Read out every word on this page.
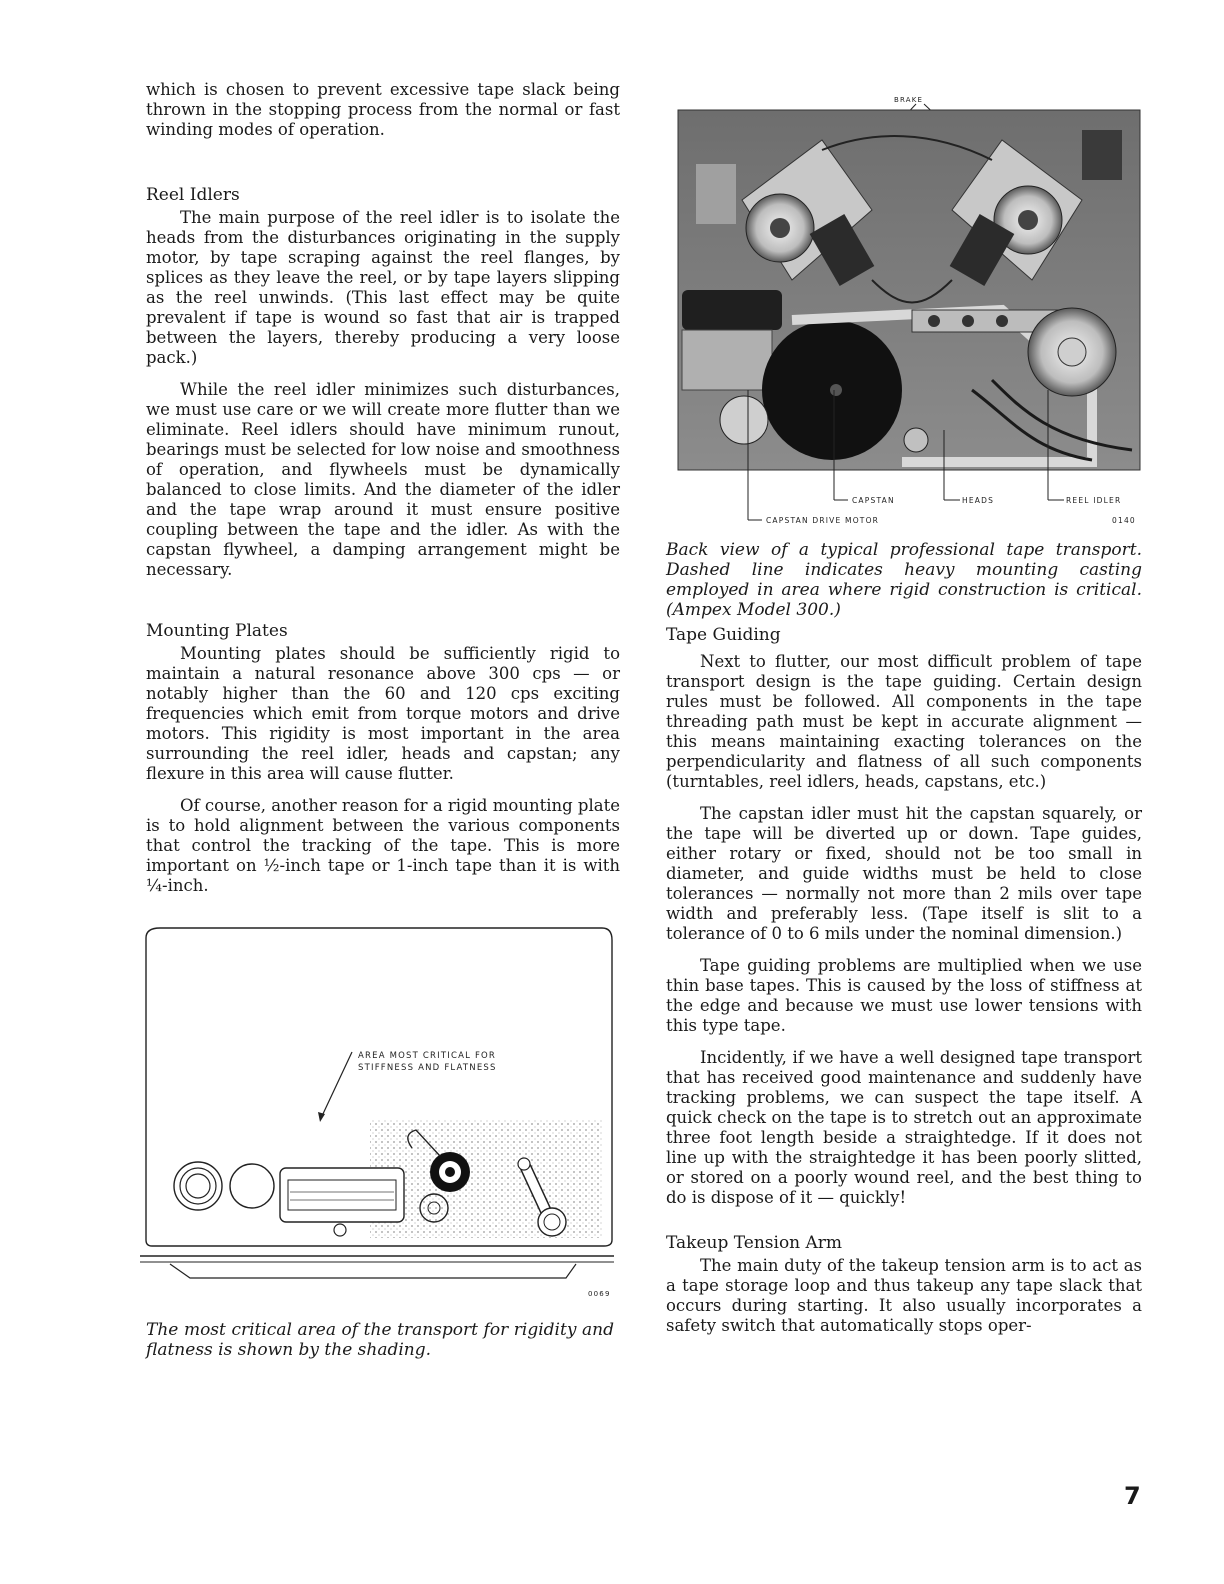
which is chosen to prevent excessive tape slack being thrown in the stopping process from the normal or fast winding modes of operation.

Reel Idlers

The main purpose of the reel idler is to isolate the heads from the disturbances originating in the supply motor, by tape scraping against the reel flanges, by splices as they leave the reel, or by tape layers slipping as the reel unwinds. (This last effect may be quite prevalent if tape is wound so fast that air is trapped between the layers, thereby producing a very loose pack.)

While the reel idler minimizes such disturbances, we must use care or we will create more flutter than we eliminate. Reel idlers should have minimum runout, bearings must be selected for low noise and smoothness of operation, and flywheels must be dynamically balanced to close limits. And the diameter of the idler and the tape wrap around it must ensure positive coupling between the tape and the idler. As with the capstan flywheel, a damping arrangement might be necessary.

Mounting Plates

Mounting plates should be sufficiently rigid to maintain a natural resonance above 300 cps — or notably higher than the 60 and 120 cps exciting frequencies which emit from torque motors and drive motors. This rigidity is most important in the area surrounding the reel idler, heads and capstan; any flexure in this area will cause flutter.

Of course, another reason for a rigid mounting plate is to hold alignment between the various components that control the tracking of the tape. This is more important on ½-inch tape or 1-inch tape than it is with ¼-inch.

AREA MOST CRITICAL FOR
STIFFNESS AND FLATNESS
0069
The most critical area of the transport for rigidity and flatness is shown by the shading.
BRAKE
CAPSTAN	HEADS	REEL IDLER
CAPSTAN DRIVE MOTOR	0140
Back view of a typical professional tape transport. Dashed line indicates heavy mounting casting employed in area where rigid construction is critical. (Ampex Model 300.)
Tape Guiding

Next to flutter, our most difficult problem of tape transport design is the tape guiding. Certain design rules must be followed. All components in the tape threading path must be kept in accurate alignment — this means maintaining exacting tolerances on the perpendicularity and flatness of all such components (turntables, reel idlers, heads, capstans, etc.)

The capstan idler must hit the capstan squarely, or the tape will be diverted up or down. Tape guides, either rotary or fixed, should not be too small in diameter, and guide widths must be held to close tolerances — normally not more than 2 mils over tape width and preferably less. (Tape itself is slit to a tolerance of 0 to 6 mils under the nominal dimension.)

Tape guiding problems are multiplied when we use thin base tapes. This is caused by the loss of stiffness at the edge and because we must use lower tensions with this type tape.

Incidently, if we have a well designed tape transport that has received good maintenance and suddenly have tracking problems, we can suspect the tape itself. A quick check on the tape is to stretch out an approximate three foot length beside a straightedge. If it does not line up with the straightedge it has been poorly slitted, or stored on a poorly wound reel, and the best thing to do is dispose of it — quickly!

Takeup Tension Arm

The main duty of the takeup tension arm is to act as a tape storage loop and thus takeup any tape slack that occurs during starting. It also usually incorporates a safety switch that automatically stops oper-

7
